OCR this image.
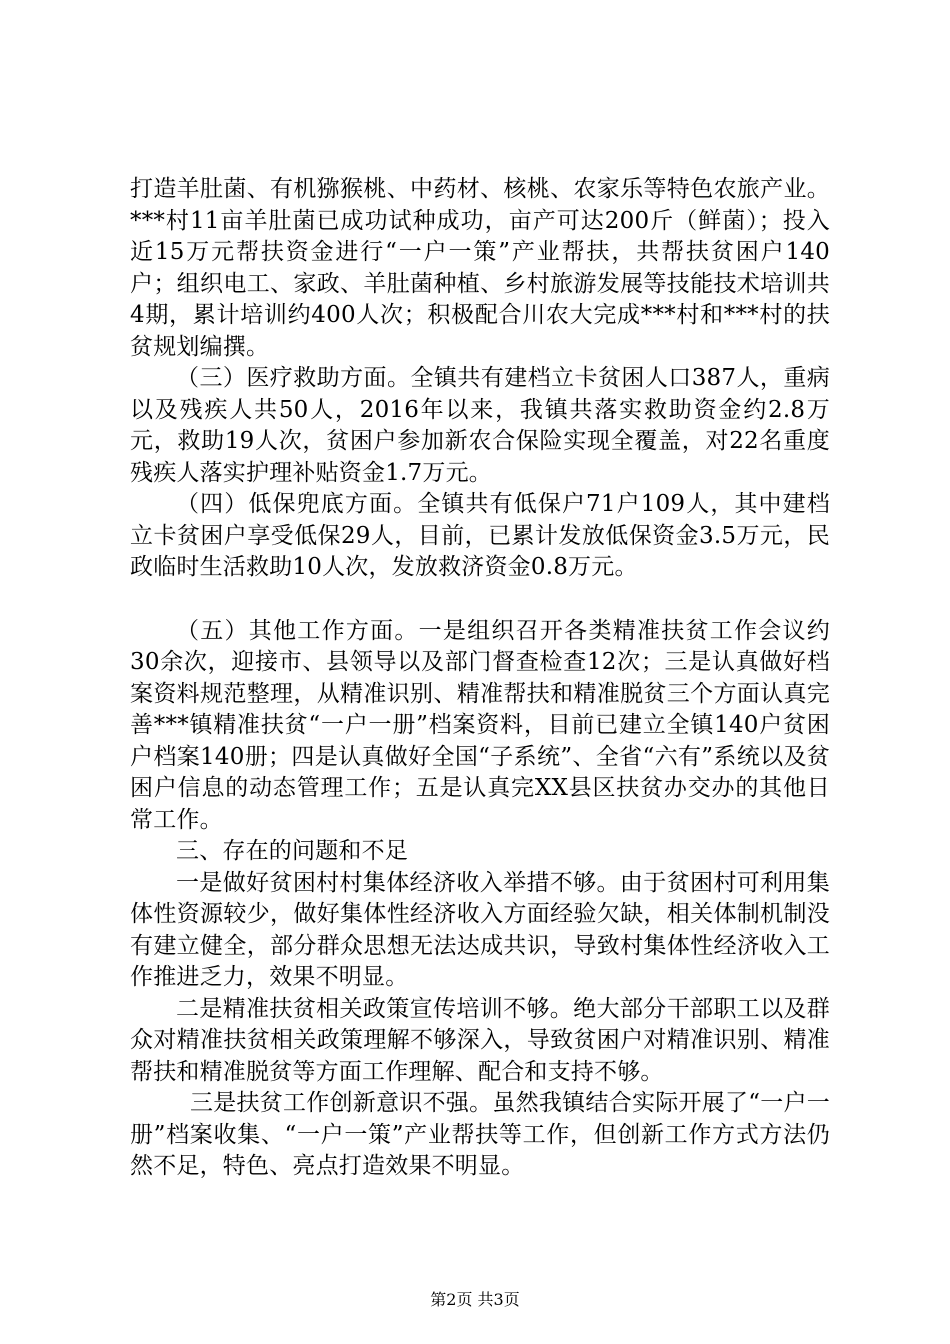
打造羊肚菌、有机猕猴桃、中药材、核桃、农家乐等特色农旅产业。***村11亩羊肚菌已成功试种成功，亩产可达200斤（鲜菌）；投入近15万元帮扶资金进行“一户一策”产业帮扶，共帮扶贫困户140户；组织电工、家政、羊肚菌种植、乡村旅游发展等技能技术培训共4期，累计培训约400人次；积极配合川农大完成***村和***村的扶贫规划编撰。

（三）医疗救助方面。全镇共有建档立卡贫困人口387人，重病以及残疾人共50人，2016年以来，我镇共落实救助资金约2.8万元，救助19人次，贫困户参加新农合保险实现全覆盖，对22名重度残疾人落实护理补贴资金1.7万元。

（四）低保兜底方面。全镇共有低保户71户109人，其中建档立卡贫困户享受低保29人，目前，已累计发放低保资金3.5万元，民政临时生活救助10人次，发放救济资金0.8万元。

（五）其他工作方面。一是组织召开各类精准扶贫工作会议约30余次，迎接市、县领导以及部门督查检查12次；三是认真做好档案资料规范整理，从精准识别、精准帮扶和精准脱贫三个方面认真完善***镇精准扶贫“一户一册”档案资料，目前已建立全镇140户贫困户档案140册；四是认真做好全国“子系统”、全省“六有”系统以及贫困户信息的动态管理工作；五是认真完XX县区扶贫办交办的其他日常工作。

三、存在的问题和不足

一是做好贫困村村集体经济收入举措不够。由于贫困村可利用集体性资源较少，做好集体性经济收入方面经验欠缺，相关体制机制没有建立健全，部分群众思想无法达成共识，导致村集体性经济收入工作推进乏力，效果不明显。

二是精准扶贫相关政策宣传培训不够。绝大部分干部职工以及群众对精准扶贫相关政策理解不够深入，导致贫困户对精准识别、精准帮扶和精准脱贫等方面工作理解、配合和支持不够。

三是扶贫工作创新意识不强。虽然我镇结合实际开展了“一户一册”档案收集、“一户一策”产业帮扶等工作，但创新工作方式方法仍然不足，特色、亮点打造效果不明显。

第2页 共3页
